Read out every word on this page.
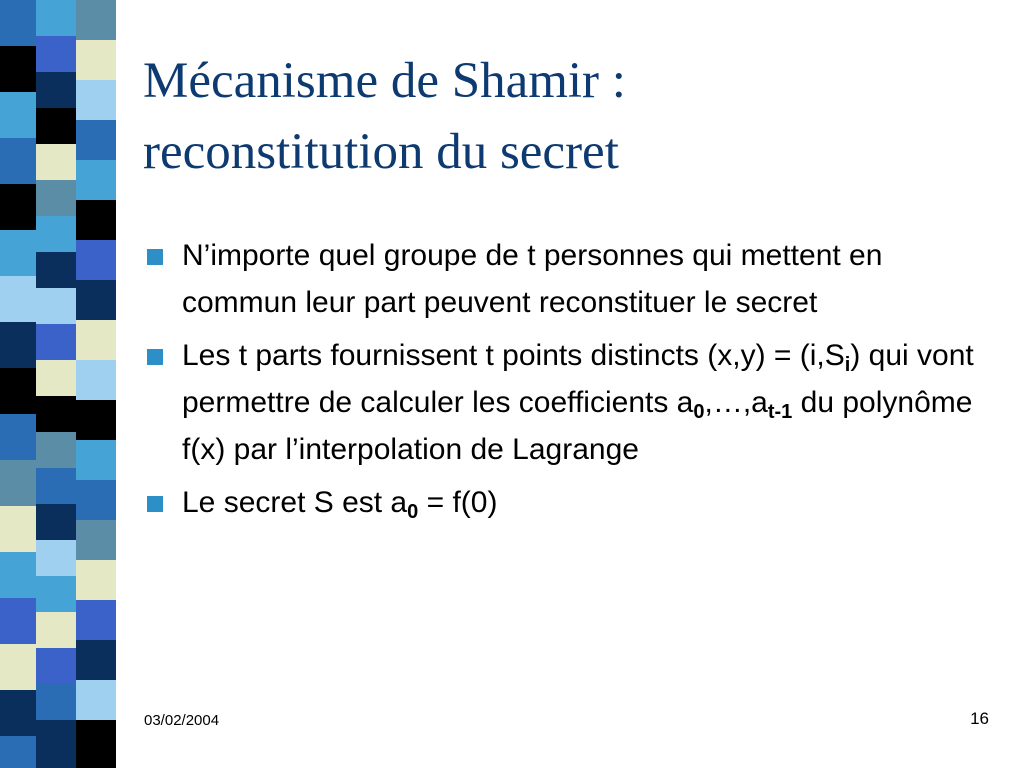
Mécanisme de Shamir :
reconstitution du secret
N’importe quel groupe de t personnes qui mettent en commun leur part peuvent reconstituer le secret
Les t parts fournissent t points distincts $(x,y) = (i,S_i)$ qui vont permettre de calculer les coefficients $a_0,\dots,a_{t-1}$ du polynôme f(x) par l’interpolation de Lagrange
Le secret S est $a_0 = f(0)$
03/02/2004	16
